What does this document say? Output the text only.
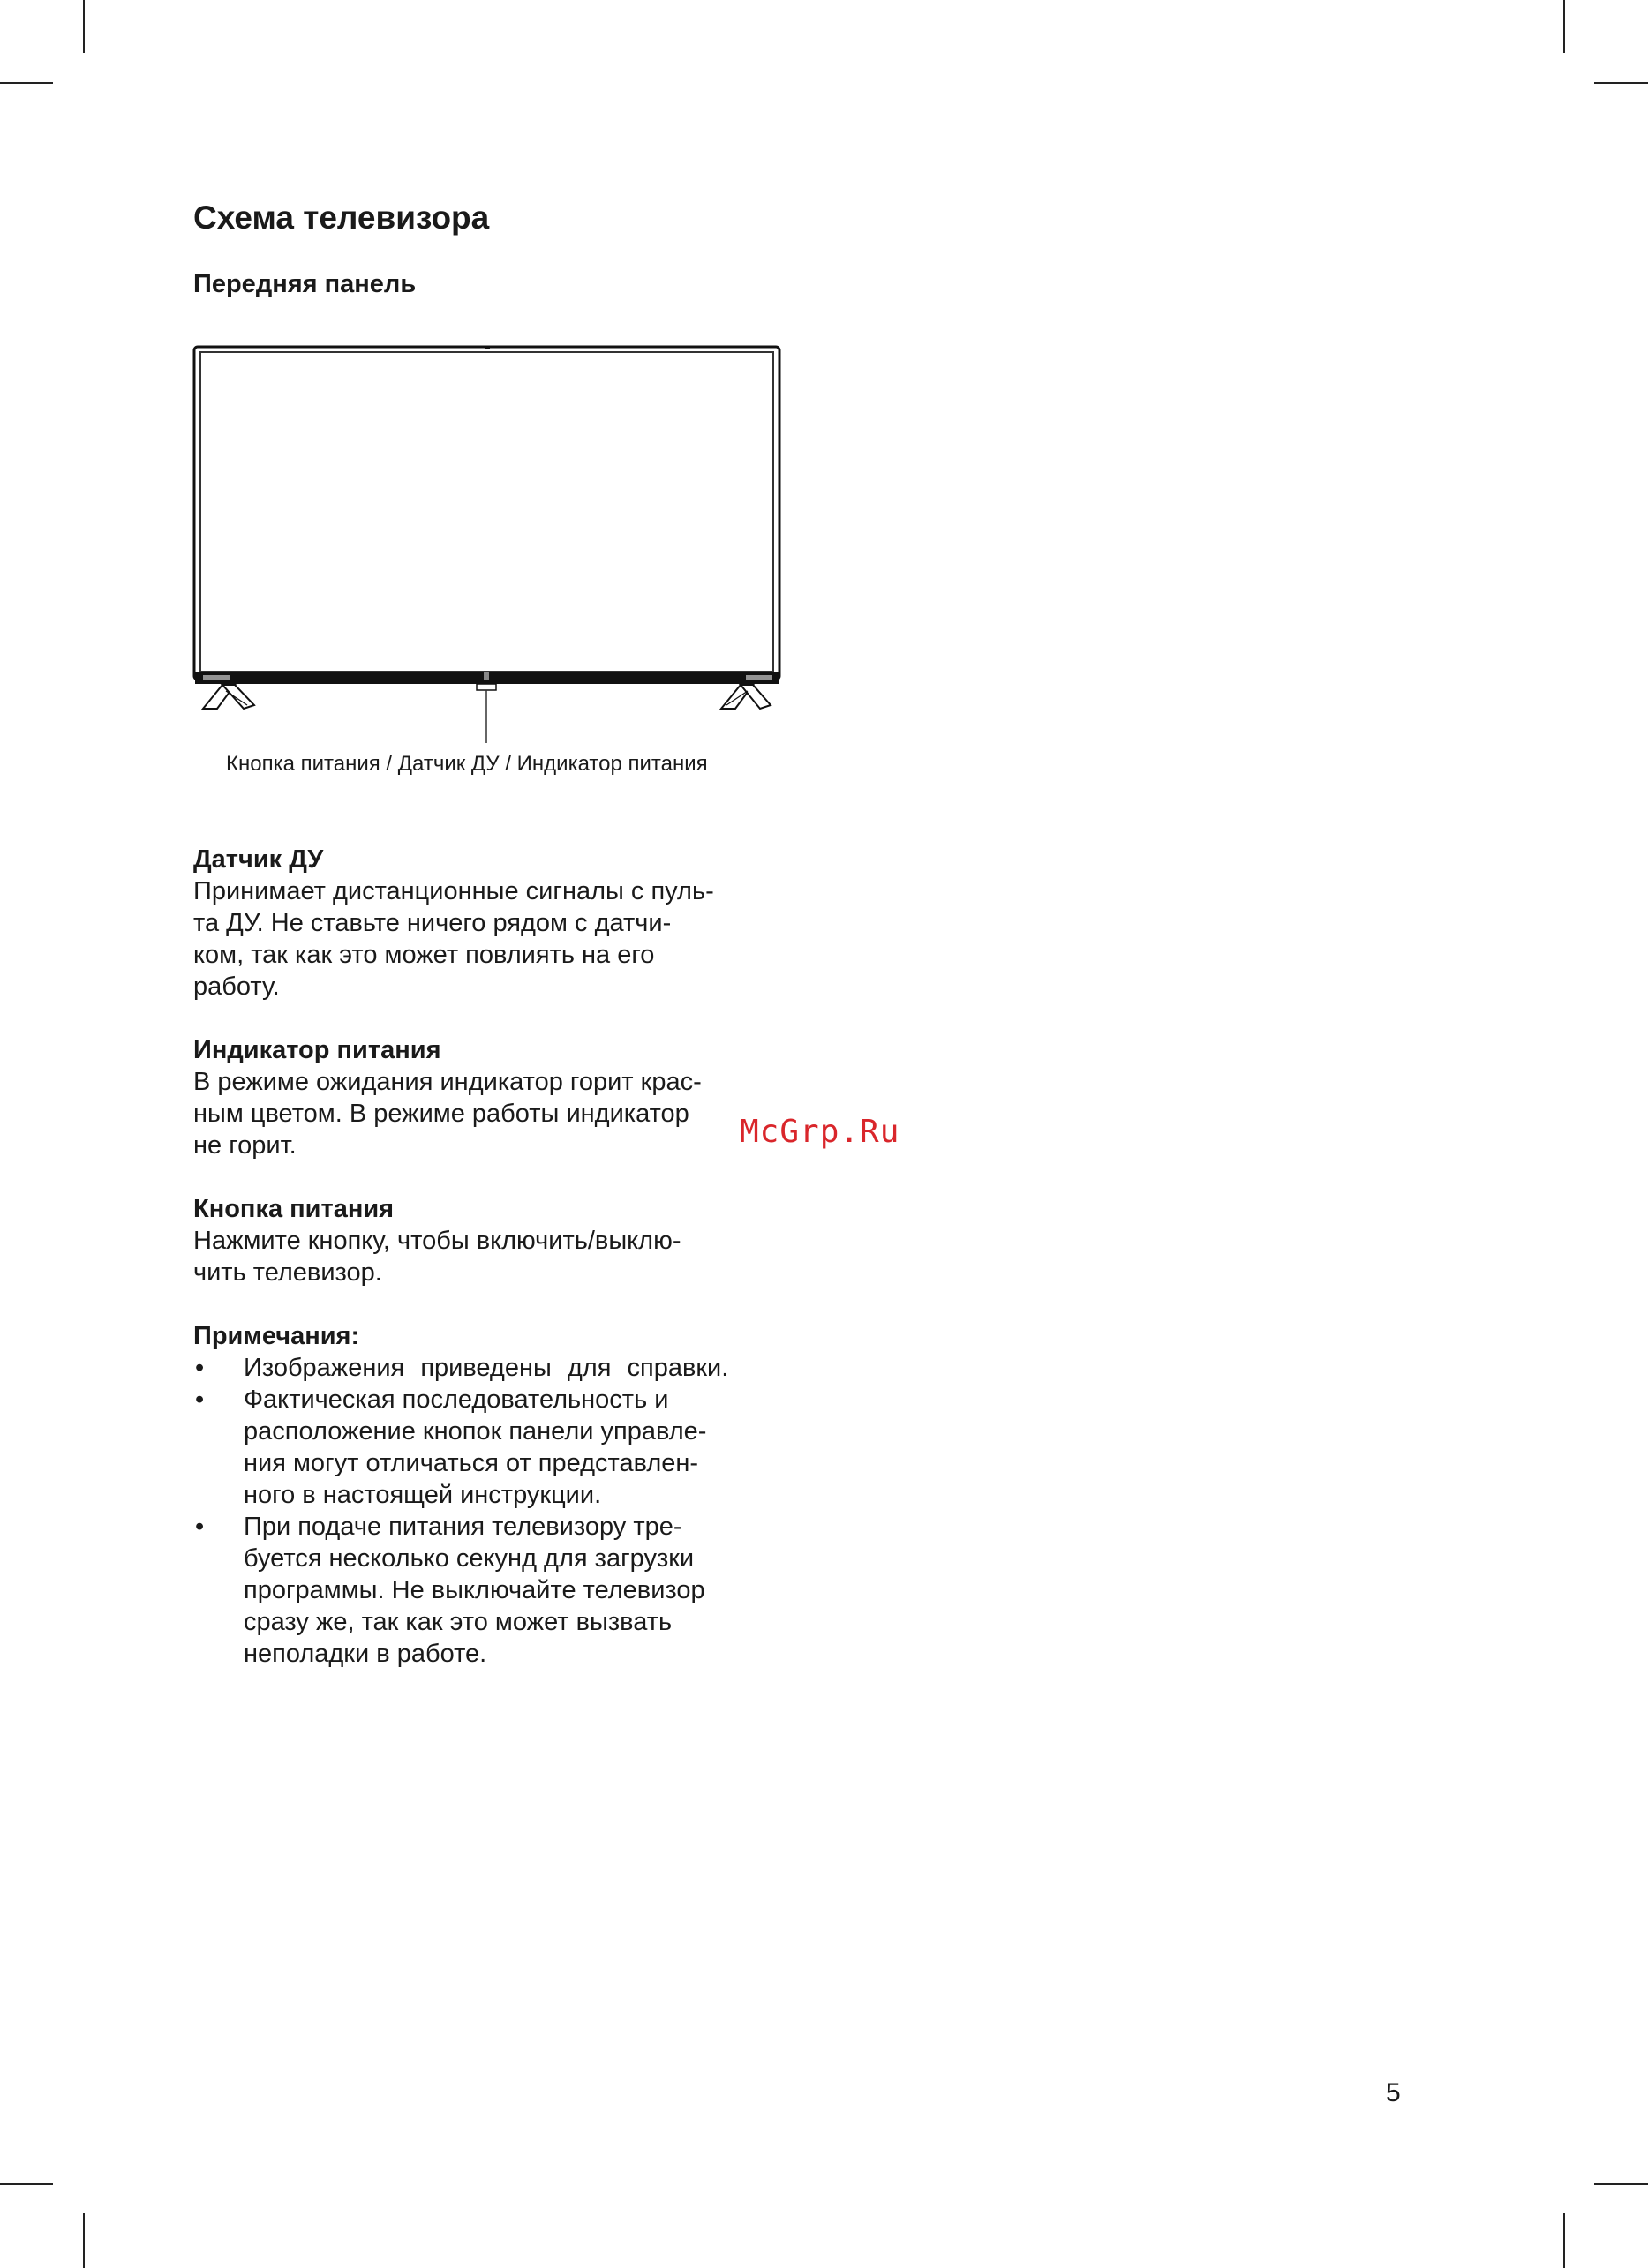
Схема телевизора
Передняя панель
Кнопка питания / Датчик ДУ / Индикатор питания
Датчик ДУ
Принимает дистанционные сигналы с пуль-
та ДУ. Не ставьте ничего рядом с датчи-
ком, так как это может повлиять на его
работу.
Индикатор питания
В режиме ожидания индикатор горит крас-
ным цветом. В режиме работы индикатор
не горит.
Кнопка питания
Нажмите кнопку, чтобы включить/выклю-
чить телевизор.
Примечания:
• Изображения приведены для справки.
• Фактическая последовательность и
расположение кнопок панели управле-
ния могут отличаться от представлен-
ного в настоящей инструкции.
• При подаче питания телевизору тре-
буется несколько секунд для загрузки
программы. Не выключайте телевизор
сразу же, так как это может вызвать
неполадки в работе.
McGrp.Ru
5
